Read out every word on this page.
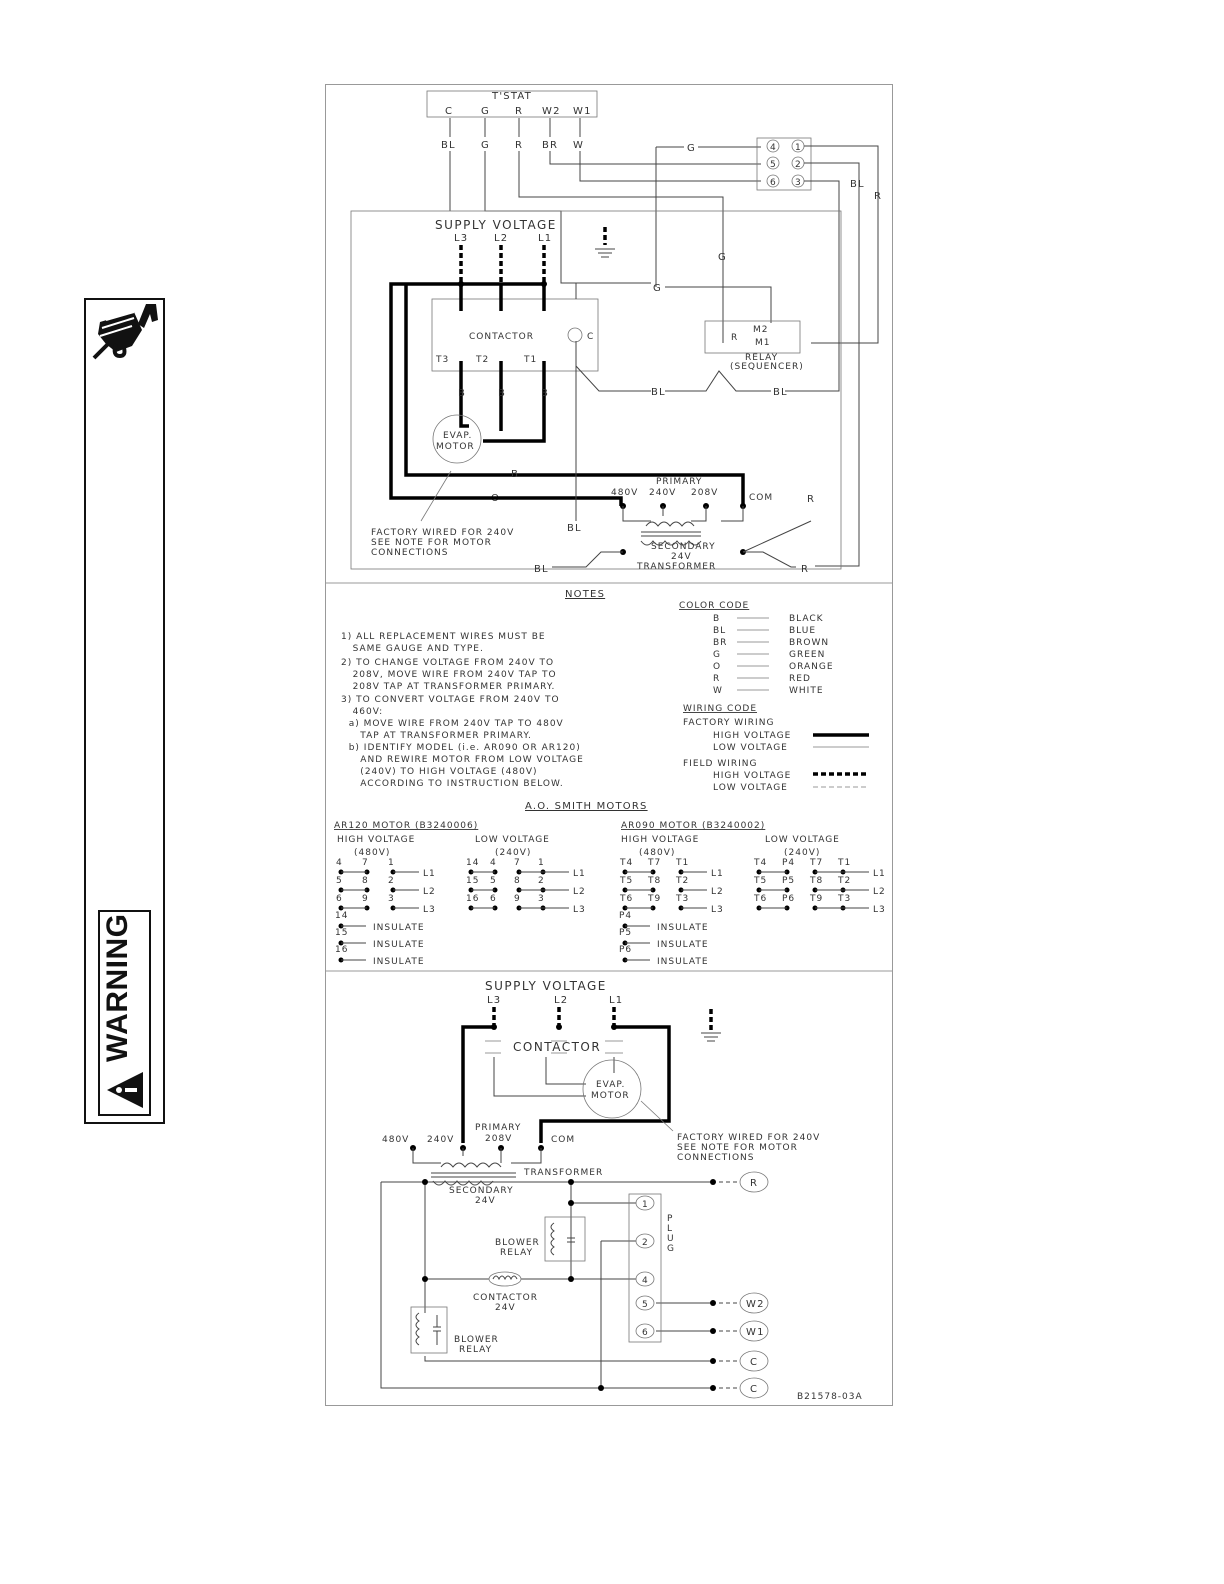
WARNING
T'STAT
C	G	R W2 W1
BL	G	R BR W	4 1
5 2
6 3
G
BL
R
SUPPLY VOLTAGE
L3	L2	L1
CONTACTOR	C
T3	T2	T1
B	B	B
B
O
EVAP.
MOTOR
FACTORY WIRED FOR 240V
SEE NOTE FOR MOTOR
CONNECTIONS
G
G
R
M2
M1
RELAY
(SEQUENCER)
BL	BL
PRIMARY
480V 240V 208V	COM
SECONDARY
24V
TRANSFORMER
BL
BL	R
R
NOTES
1) ALL REPLACEMENT WIRES MUST BE
SAME GAUGE AND TYPE.
2) TO CHANGE VOLTAGE FROM 240V TO
208V, MOVE WIRE FROM 240V TAP TO
208V TAP AT TRANSFORMER PRIMARY.
3) TO CONVERT VOLTAGE FROM 240V TO
460V:
a) MOVE WIRE FROM 240V TAP TO 480V
TAP AT TRANSFORMER PRIMARY.
b) IDENTIFY MODEL (i.e. AR090 OR AR120)
AND REWIRE MOTOR FROM LOW VOLTAGE
(240V) TO HIGH VOLTAGE (480V)
ACCORDING TO INSTRUCTION BELOW.
COLOR CODE
B	BLACK
BL	BLUE
BR	BROWN
G	GREEN
O	ORANGE
R	RED
W	WHITE
WIRING CODE
FACTORY WIRING
HIGH VOLTAGE
LOW VOLTAGE
FIELD WIRING
HIGH VOLTAGE
LOW VOLTAGE
A.O. SMITH MOTORS
AR120 MOTOR (B3240006)	AR090 MOTOR (B3240002)
HIGH VOLTAGE
(480V)
LOW VOLTAGE
(240V)
HIGH VOLTAGE
(480V)
LOW VOLTAGE
(240V)
4 7 1
L1
5 8 2
L2
6 9 3
L3
14 4 7 1
L1
15 5 8 2
L2
16 6 9 3
L3
T4 T7 T1
L1
T5 T8 T2
L2
T6 T9 T3
L3
T4 P4 T7 T1
L1
T5 P5 T8 T2
L2
T6 P6 T9 T3
L3
14
INSULATE
15
INSULATE
16
INSULATE
P4
INSULATE
P5
INSULATE
P6
INSULATE
SUPPLY VOLTAGE
L3	L2	L1
CONTACTOR
EVAP.
MOTOR
FACTORY WIRED FOR 240V
SEE NOTE FOR MOTOR
CONNECTIONS
480V 240V
PRIMARY
208V	COM
TRANSFORMER
SECONDARY
24V
BLOWER
RELAY
CONTACTOR
24V
BLOWER
RELAY
1
2
4
5
6
P
L
U
G
R
W2
W1
C
C
B21578-03A
